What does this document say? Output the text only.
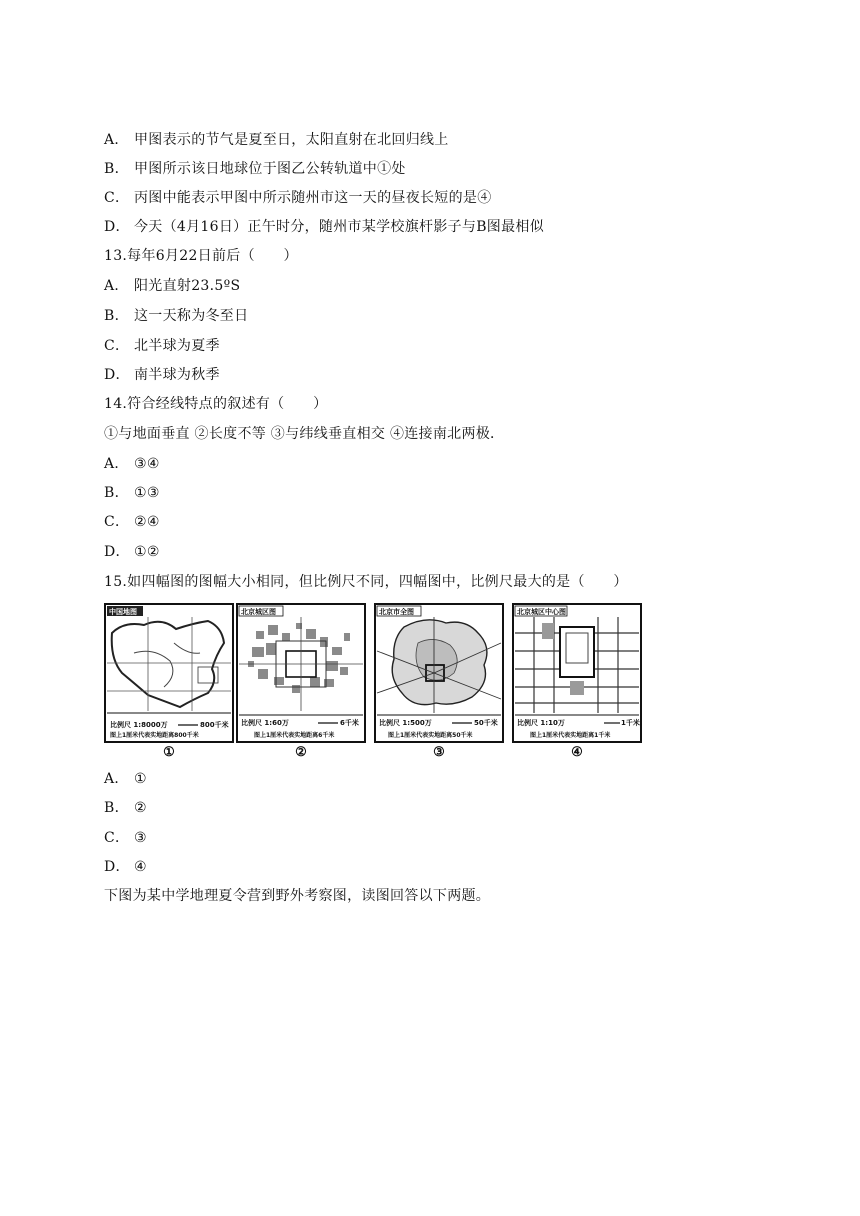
A． 甲图表示的节气是夏至日，太阳直射在北回归线上
B． 甲图所示该日地球位于图乙公转轨道中①处
C． 丙图中能表示甲图中所示随州市这一天的昼夜长短的是④
D． 今天（4月16日）正午时分，随州市某学校旗杆影子与B图最相似
13.每年6月22日前后（　　）
A． 阳光直射23.5ºS
B． 这一天称为冬至日
C． 北半球为夏季
D． 南半球为秋季
14.符合经线特点的叙述有（　　）
①与地面垂直 ②长度不等 ③与纬线垂直相交 ④连接南北两极．
A． ③④
B． ①③
C． ②④
D． ①②
15.如四幅图的图幅大小相同，但比例尺不同，四幅图中，比例尺最大的是（　　）
中国地图
比例尺 1:8000万	800千米
图上1厘米代表实地距离800千米
①
北京城区图
比例尺 1:60万	6千米
图上1厘米代表实地距离6千米
②
北京市全图
比例尺 1:500万	50千米
图上1厘米代表实地距离50千米
③
北京城区中心图
比例尺 1:10万	1千米
图上1厘米代表实地距离1千米
④
A． ①
B． ②
C． ③
D． ④
下图为某中学地理夏令营到野外考察图，读图回答以下两题。
